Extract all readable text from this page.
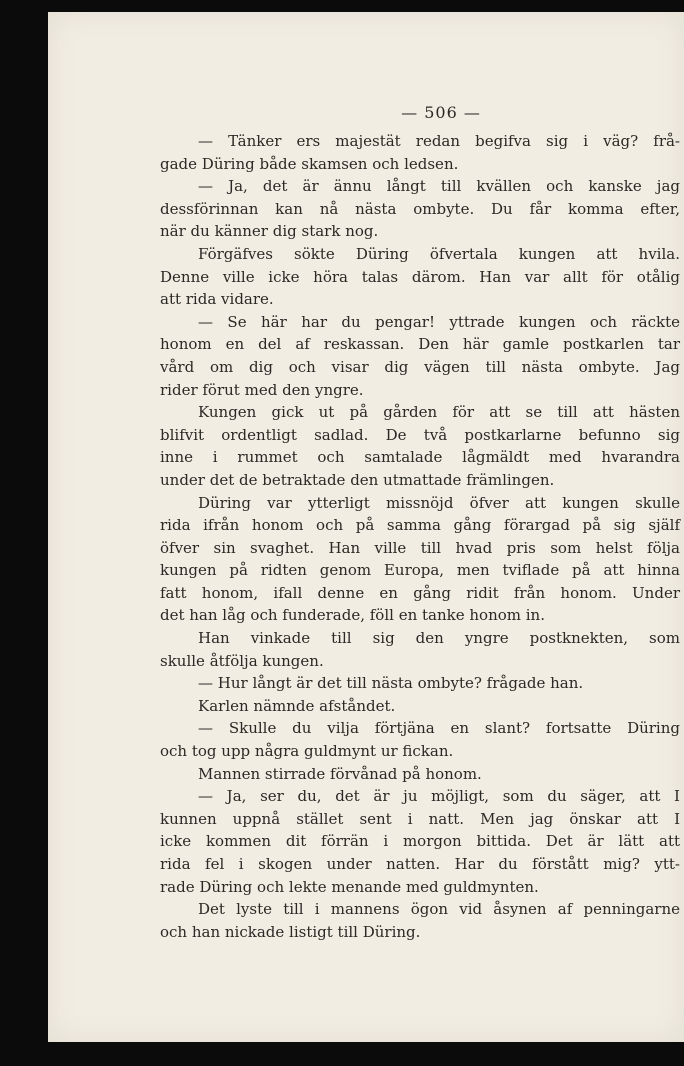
— 506 —

— Tänker ers majestät redan begifva sig i väg? frå-
gade Düring både skamsen och ledsen.

— Ja, det är ännu långt till kvällen och kanske jag
dessförinnan kan nå nästa ombyte. Du får komma efter,
när du känner dig stark nog.

Förgäfves sökte Düring öfvertala kungen att hvila.
Denne ville icke höra talas därom. Han var allt för otålig
att rida vidare.

— Se här har du pengar! yttrade kungen och räckte
honom en del af reskassan. Den här gamle postkarlen tar
vård om dig och visar dig vägen till nästa ombyte. Jag
rider förut med den yngre.

Kungen gick ut på gården för att se till att hästen
blifvit ordentligt sadlad. De två postkarlarne befunno sig
inne i rummet och samtalade lågmäldt med hvarandra
under det de betraktade den utmattade främlingen.

Düring var ytterligt missnöjd öfver att kungen skulle
rida ifrån honom och på samma gång förargad på sig själf
öfver sin svaghet. Han ville till hvad pris som helst följa
kungen på ridten genom Europa, men tviflade på att hinna
fatt honom, ifall denne en gång ridit från honom. Under
det han låg och funderade, föll en tanke honom in.

Han vinkade till sig den yngre postknekten, som
skulle åtfölja kungen.

— Hur långt är det till nästa ombyte? frågade han.

Karlen nämnde afståndet.

— Skulle du vilja förtjäna en slant? fortsatte Düring
och tog upp några guldmynt ur fickan.

Mannen stirrade förvånad på honom.

— Ja, ser du, det är ju möjligt, som du säger, att I
kunnen uppnå stället sent i natt. Men jag önskar att I
icke kommen dit förrän i morgon bittida. Det är lätt att
rida fel i skogen under natten. Har du förstått mig? ytt-
rade Düring och lekte menande med guldmynten.

Det lyste till i mannens ögon vid åsynen af penningarne
och han nickade listigt till Düring.
